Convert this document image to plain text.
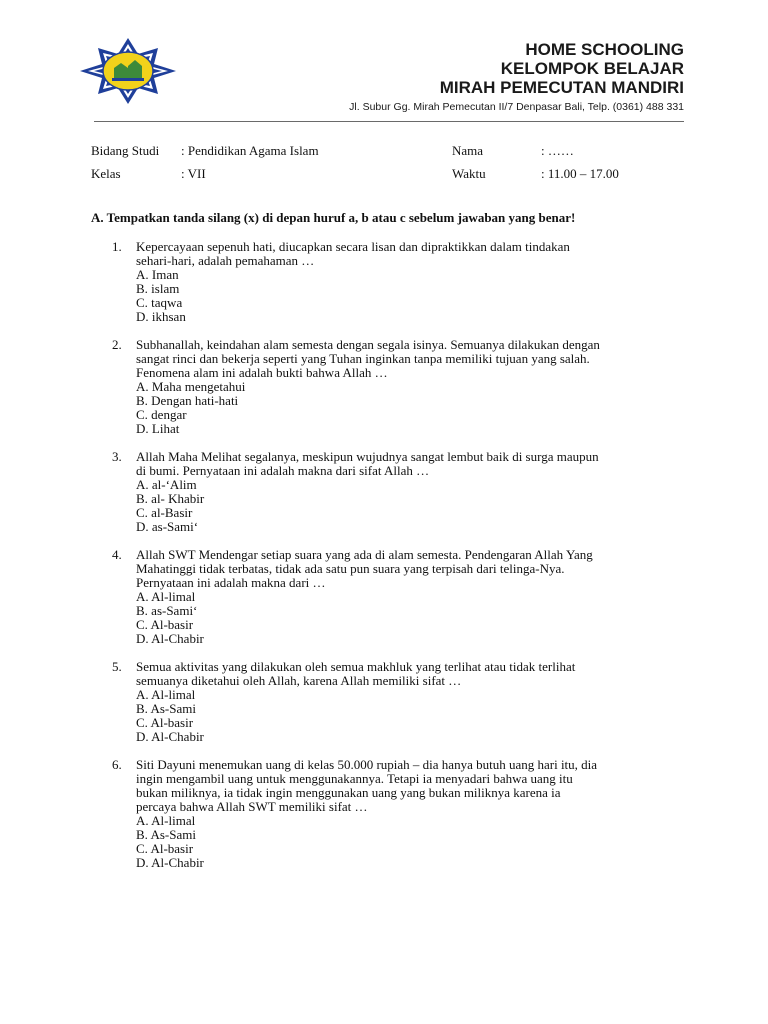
HOME SCHOOLING
KELOMPOK BELAJAR
MIRAH PEMECUTAN MANDIRI
Jl. Subur Gg. Mirah Pemecutan II/7 Denpasar Bali, Telp. (0361) 488 331
Bidang Studi : Pendidikan Agama Islam
Kelas	: VII
Nama	: ……
Waktu	: 11.00 – 17.00
A. Tempatkan tanda silang (x) di depan huruf a, b atau c sebelum jawaban yang benar!
1.	Kepercayaan sepenuh hati, diucapkan secara lisan dan dipraktikkan dalam tindakan
sehari-hari, adalah pemahaman …
A. Iman
B. islam
C. taqwa
D. ikhsan
2.	Subhanallah, keindahan alam semesta dengan segala isinya. Semuanya dilakukan dengan
sangat rinci dan bekerja seperti yang Tuhan inginkan tanpa memiliki tujuan yang salah.
Fenomena alam ini adalah bukti bahwa Allah …
A. Maha mengetahui
B. Dengan hati-hati
C. dengar
D. Lihat
3.	Allah Maha Melihat segalanya, meskipun wujudnya sangat lembut baik di surga maupun
di bumi. Pernyataan ini adalah makna dari sifat Allah …
A. al-‘Alim
B. al- Khabir
C. al-Basir
D. as-Sami‘
4.	Allah SWT Mendengar setiap suara yang ada di alam semesta. Pendengaran Allah Yang
Mahatinggi tidak terbatas, tidak ada satu pun suara yang terpisah dari telinga-Nya.
Pernyataan ini adalah makna dari …
A. Al-limal
B. as-Sami‘
C. Al-basir
D. Al-Chabir
5.	Semua aktivitas yang dilakukan oleh semua makhluk yang terlihat atau tidak terlihat
semuanya diketahui oleh Allah, karena Allah memiliki sifat …
A. Al-limal
B. As-Sami
C. Al-basir
D. Al-Chabir
6.	Siti Dayuni menemukan uang di kelas 50.000 rupiah – dia hanya butuh uang hari itu, dia
ingin mengambil uang untuk menggunakannya. Tetapi ia menyadari bahwa uang itu
bukan miliknya, ia tidak ingin menggunakan uang yang bukan miliknya karena ia
percaya bahwa Allah SWT memiliki sifat …
A. Al-limal
B. As-Sami
C. Al-basir
D. Al-Chabir
